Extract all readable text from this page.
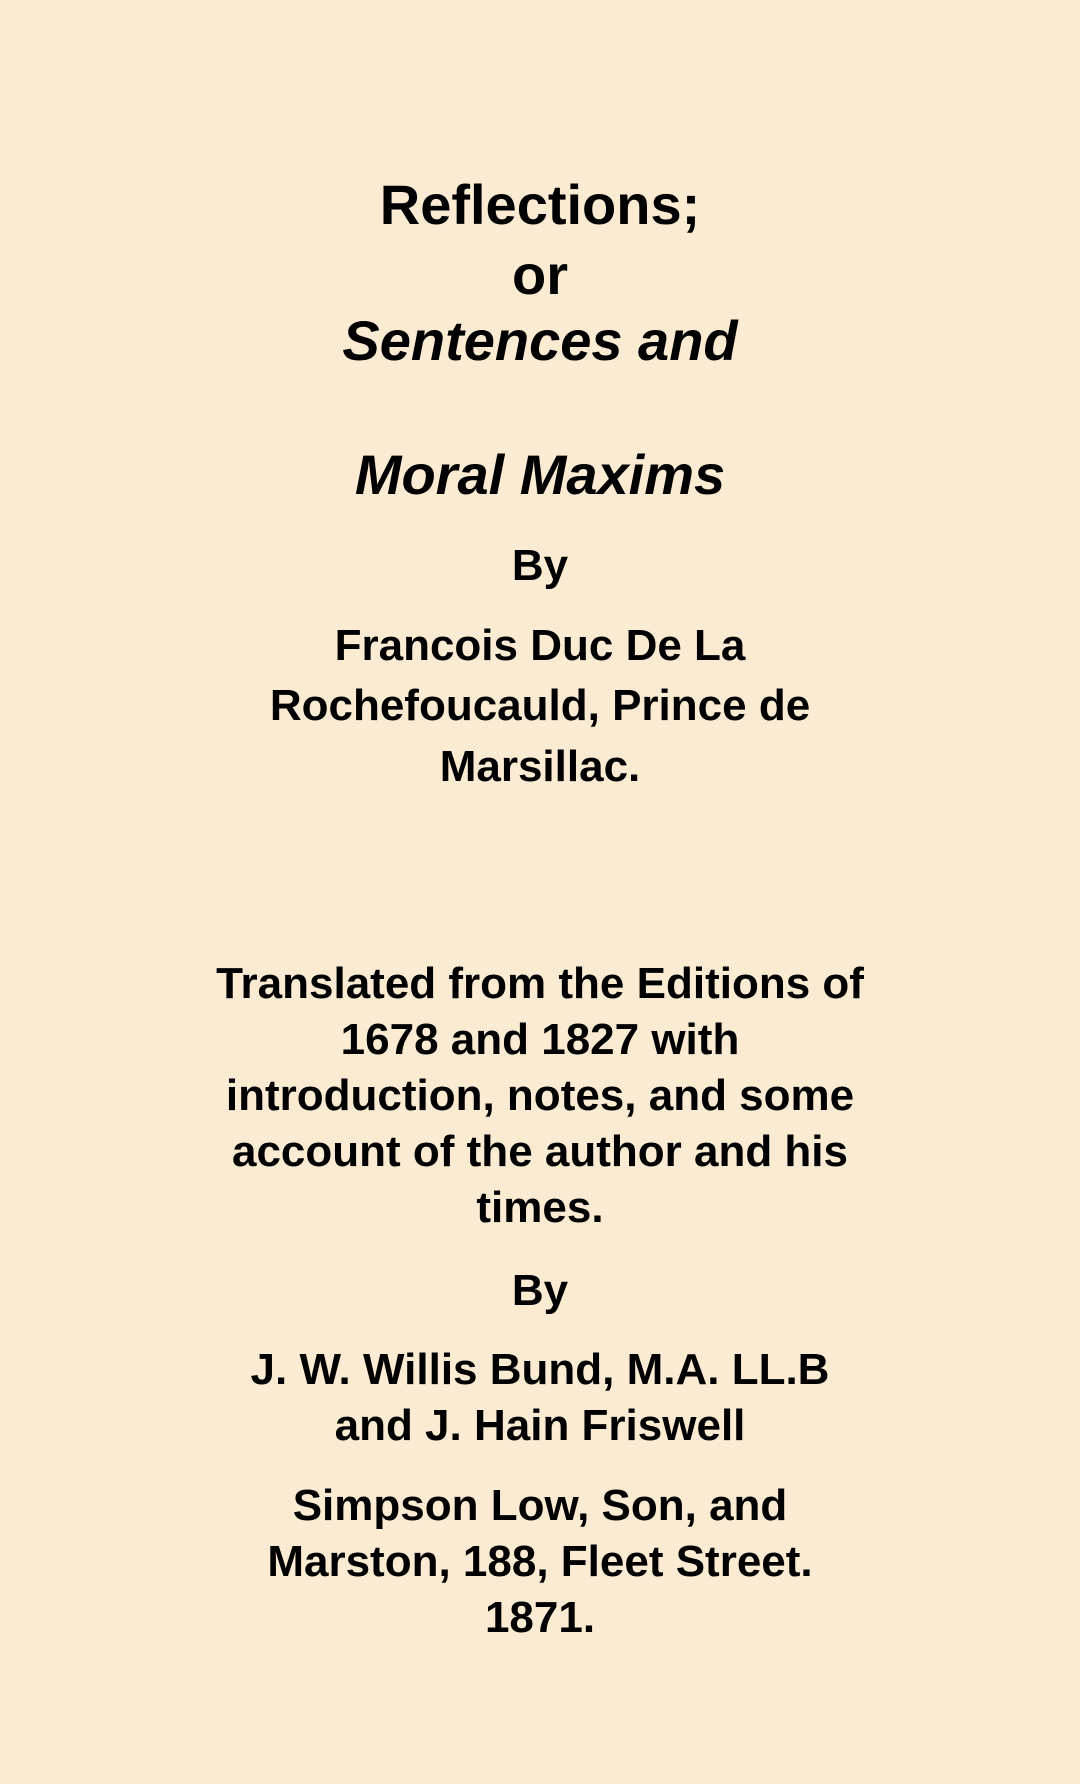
Reflections;
or
Sentences and
Moral Maxims
By
Francois Duc De La
Rochefoucauld, Prince de
Marsillac.
Translated from the Editions of
1678 and 1827 with
introduction, notes, and some
account of the author and his
times.
By
J. W. Willis Bund, M.A. LL.B
and J. Hain Friswell
Simpson Low, Son, and
Marston, 188, Fleet Street.
1871.
